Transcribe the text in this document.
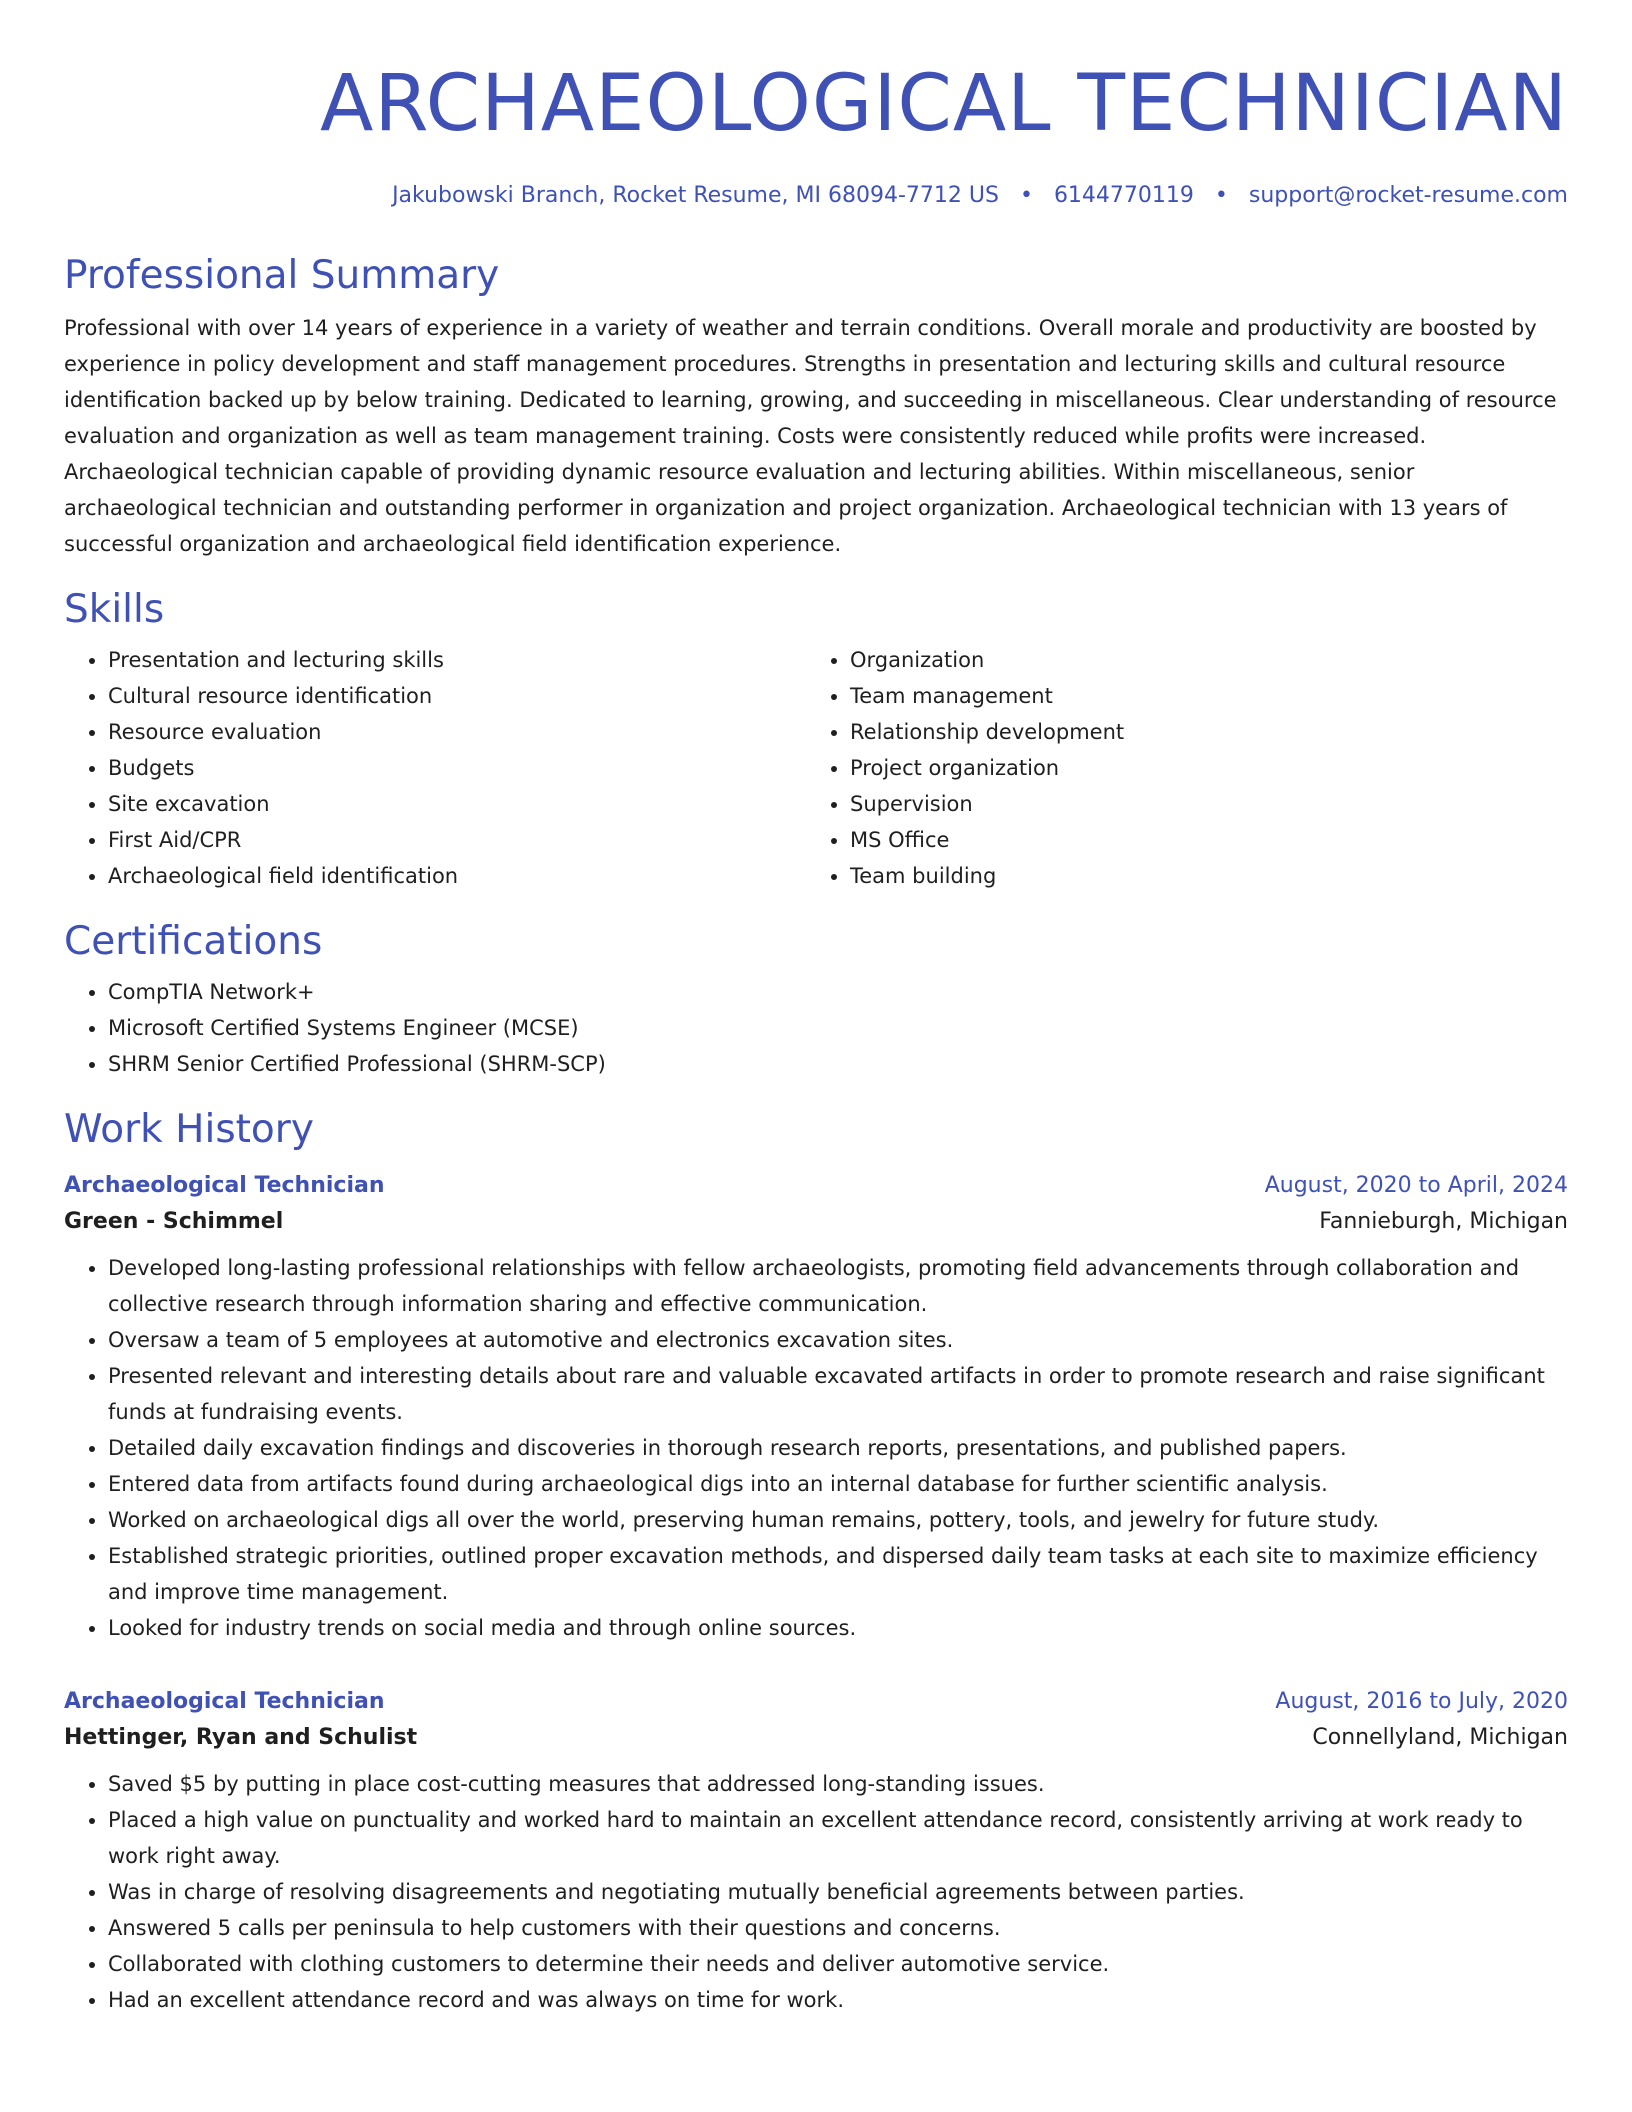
ARCHAEOLOGICAL TECHNICIAN
Jakubowski Branch, Rocket Resume, MI 68094-7712 US • 6144770119 • support@rocket-resume.com
Professional Summary

Professional with over 14 years of experience in a variety of weather and terrain conditions. Overall morale and productivity are boosted by experience in policy development and staff management procedures. Strengths in presentation and lecturing skills and cultural resource identification backed up by below training. Dedicated to learning, growing, and succeeding in miscellaneous. Clear understanding of resource evaluation and organization as well as team management training. Costs were consistently reduced while profits were increased. Archaeological technician capable of providing dynamic resource evaluation and lecturing abilities. Within miscellaneous, senior archaeological technician and outstanding performer in organization and project organization. Archaeological technician with 13 years of successful organization and archaeological field identification experience.

Skills
• Presentation and lecturing skills
• Cultural resource identification
• Resource evaluation
• Budgets
• Site excavation
• First Aid/CPR
• Archaeological field identification
• Organization
• Team management
• Relationship development
• Project organization
• Supervision
• MS Office
• Team building
Certifications
• CompTIA Network+
• Microsoft Certified Systems Engineer (MCSE)
• SHRM Senior Certified Professional (SHRM-SCP)
Work History
Archaeological Technician	August, 2020 to April, 2024
Green - Schimmel	Fannieburgh, Michigan
• Developed long-lasting professional relationships with fellow archaeologists, promoting field advancements through collaboration and collective research through information sharing and effective communication.
• Oversaw a team of 5 employees at automotive and electronics excavation sites.
• Presented relevant and interesting details about rare and valuable excavated artifacts in order to promote research and raise significant funds at fundraising events.
• Detailed daily excavation findings and discoveries in thorough research reports, presentations, and published papers.
• Entered data from artifacts found during archaeological digs into an internal database for further scientific analysis.
• Worked on archaeological digs all over the world, preserving human remains, pottery, tools, and jewelry for future study.
• Established strategic priorities, outlined proper excavation methods, and dispersed daily team tasks at each site to maximize efficiency and improve time management.
• Looked for industry trends on social media and through online sources.
Archaeological Technician	August, 2016 to July, 2020
Hettinger, Ryan and Schulist	Connellyland, Michigan
• Saved $5 by putting in place cost-cutting measures that addressed long-standing issues.
• Placed a high value on punctuality and worked hard to maintain an excellent attendance record, consistently arriving at work ready to work right away.
• Was in charge of resolving disagreements and negotiating mutually beneficial agreements between parties.
• Answered 5 calls per peninsula to help customers with their questions and concerns.
• Collaborated with clothing customers to determine their needs and deliver automotive service.
• Had an excellent attendance record and was always on time for work.
